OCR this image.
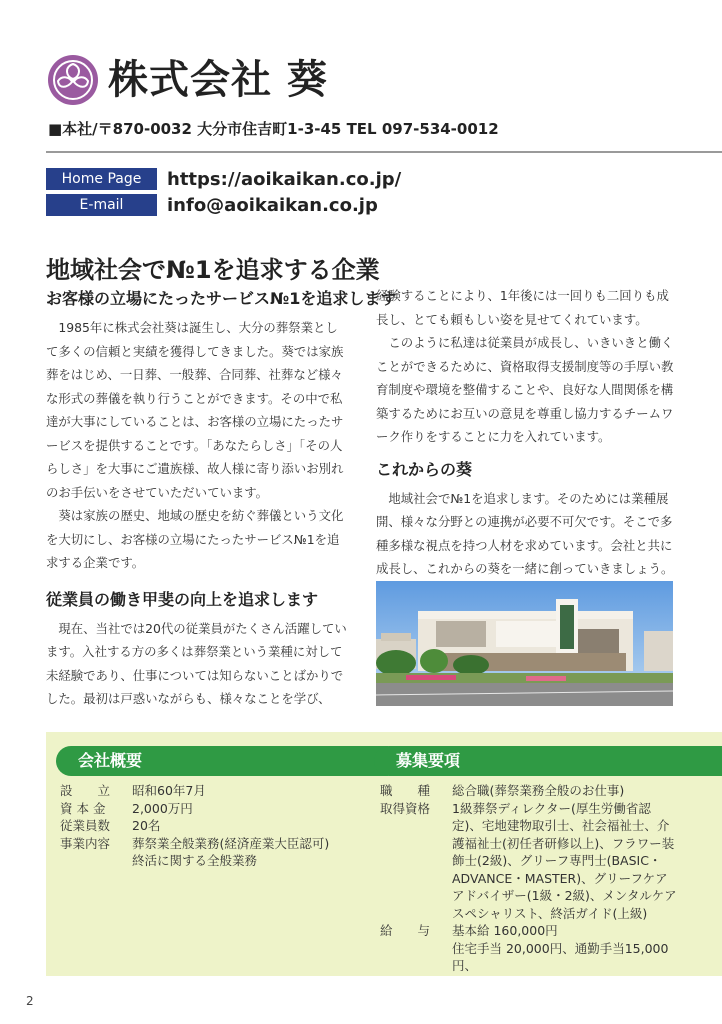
株式会社 葵
■本社/〒870-0032 大分市住吉町1-3-45 TEL 097-534-0012
Home Page	https://aoikaikan.co.jp/
E-mail	info@aoikaikan.co.jp
地域社会で№1を追求する企業
お客様の立場にたったサービス№1を追求します

1985年に株式会社葵は誕生し、大分の葬祭業として多くの信頼と実績を獲得してきました。葵では家族葬をはじめ、一日葬、一般葬、合同葬、社葬など様々な形式の葬儀を執り行うことができます。その中で私達が大事にしていることは、お客様の立場にたったサービスを提供することです。「あなたらしさ」「その人らしさ」を大事にご遺族様、故人様に寄り添いお別れのお手伝いをさせていただいています。

葵は家族の歴史、地域の歴史を紡ぐ葬儀という文化を大切にし、お客様の立場にたったサービス№1を追求する企業です。

従業員の働き甲斐の向上を追求します

現在、当社では20代の従業員がたくさん活躍しています。入社する方の多くは葬祭業という業種に対して未経験であり、仕事については知らないことばかりでした。最初は戸惑いながらも、様々なことを学び、

経験することにより、1年後には一回りも二回りも成長し、とても頼もしい姿を見せてくれています。

このように私達は従業員が成長し、いきいきと働くことができるために、資格取得支援制度等の手厚い教育制度や環境を整備することや、良好な人間関係を構築するためにお互いの意見を尊重し協力するチームワーク作りをすることに力を入れています。

これからの葵

地域社会で№1を追求します。そのためには業種展開、様々な分野との連携が必要不可欠です。そこで多種多様な視点を持つ人材を求めています。会社と共に成長し、これからの葵を一緒に創っていきましょう。

会社概要	募集要項
設　　立	昭和60年7月
資 本 金	2,000万円
従業員数	20名
事業内容	葬祭業全般業務(経済産業大臣認可)
終活に関する全般業務
職　　種	総合職(葬祭業務全般のお仕事)
取得資格	1級葬祭ディレクター(厚生労働省認定)、宅地建物取引士、社会福祉士、介護福祉士(初任者研修以上)、フラワー装飾士(2級)、グリーフ専門士(BASIC・ADVANCE・MASTER)、グリーフケアアドバイザー(1級・2級)、メンタルケアスペシャリスト、終活ガイド(上級)
給　　与	基本給 160,000円
住宅手当 20,000円、通勤手当15,000円、
2
